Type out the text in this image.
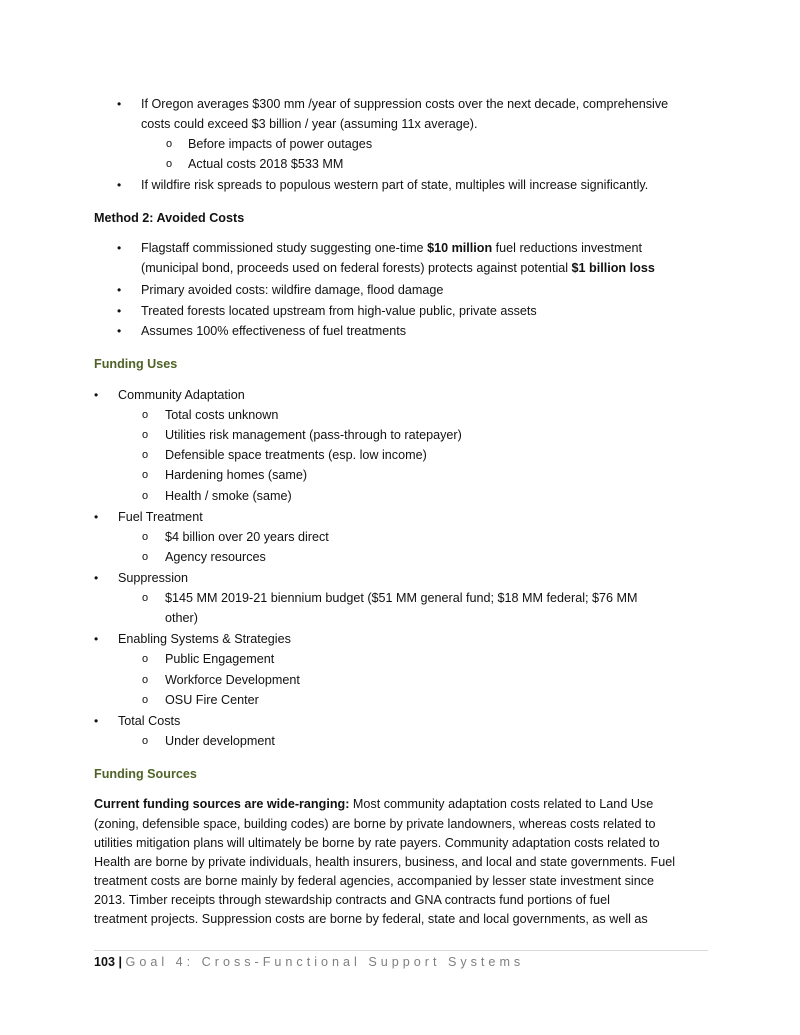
• If Oregon averages $300 mm /year of suppression costs over the next decade, comprehensive
costs could exceed $3 billion / year (assuming 11x average).
o Before impacts of power outages
o Actual costs 2018 $533 MM
• If wildfire risk spreads to populous western part of state, multiples will increase significantly.
Method 2: Avoided Costs
• Flagstaff commissioned study suggesting one-time $10 million fuel reductions investment
(municipal bond, proceeds used on federal forests) protects against potential $1 billion loss
• Primary avoided costs: wildfire damage, flood damage
• Treated forests located upstream from high-value public, private assets
• Assumes 100% effectiveness of fuel treatments
Funding Uses
• Community Adaptation
o Total costs unknown
o Utilities risk management (pass-through to ratepayer)
o Defensible space treatments (esp. low income)
o Hardening homes (same)
o Health / smoke (same)
• Fuel Treatment
o $4 billion over 20 years direct
o Agency resources
• Suppression
o $145 MM 2019-21 biennium budget ($51 MM general fund; $18 MM federal; $76 MM
other)
• Enabling Systems & Strategies
o Public Engagement
o Workforce Development
o OSU Fire Center
• Total Costs
o Under development
Funding Sources
Current funding sources are wide-ranging: Most community adaptation costs related to Land Use
(zoning, defensible space, building codes) are borne by private landowners, whereas costs related to
utilities mitigation plans will ultimately be borne by rate payers. Community adaptation costs related to
Health are borne by private individuals, health insurers, business, and local and state governments. Fuel
treatment costs are borne mainly by federal agencies, accompanied by lesser state investment since
2013. Timber receipts through stewardship contracts and GNA contracts fund portions of fuel
treatment projects. Suppression costs are borne by federal, state and local governments, as well as
103 | Goal 4: Cross-Functional Support Systems
